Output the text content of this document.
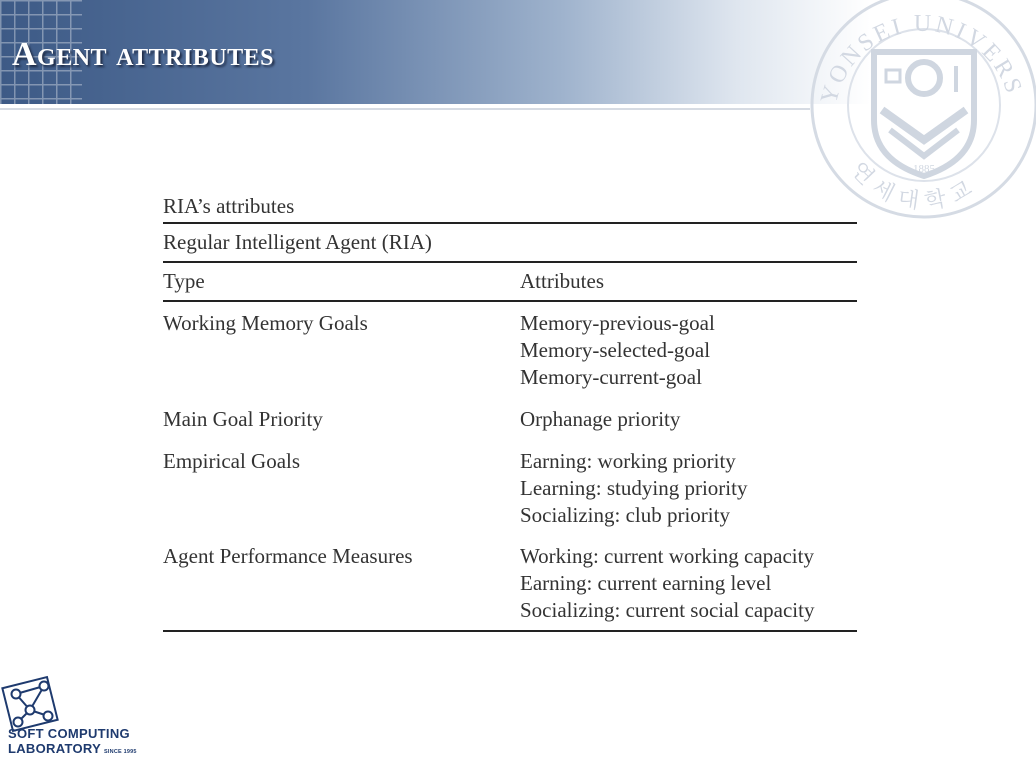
Agent attributes
YONSEI UNIVERS
연세대학교
1885
RIA’s attributes
Regular Intelligent Agent (RIA)
Type	Attributes
Working Memory Goals	Memory-previous-goal
Memory-selected-goal
Memory-current-goal
Main Goal Priority	Orphanage priority
Empirical Goals	Earning: working priority
Learning: studying priority
Socializing: club priority
Agent Performance Measures	Working: current working capacity
Earning: current earning level
Socializing: current social capacity
SOFT COMPUTING
LABORATORY SINCE 1995
